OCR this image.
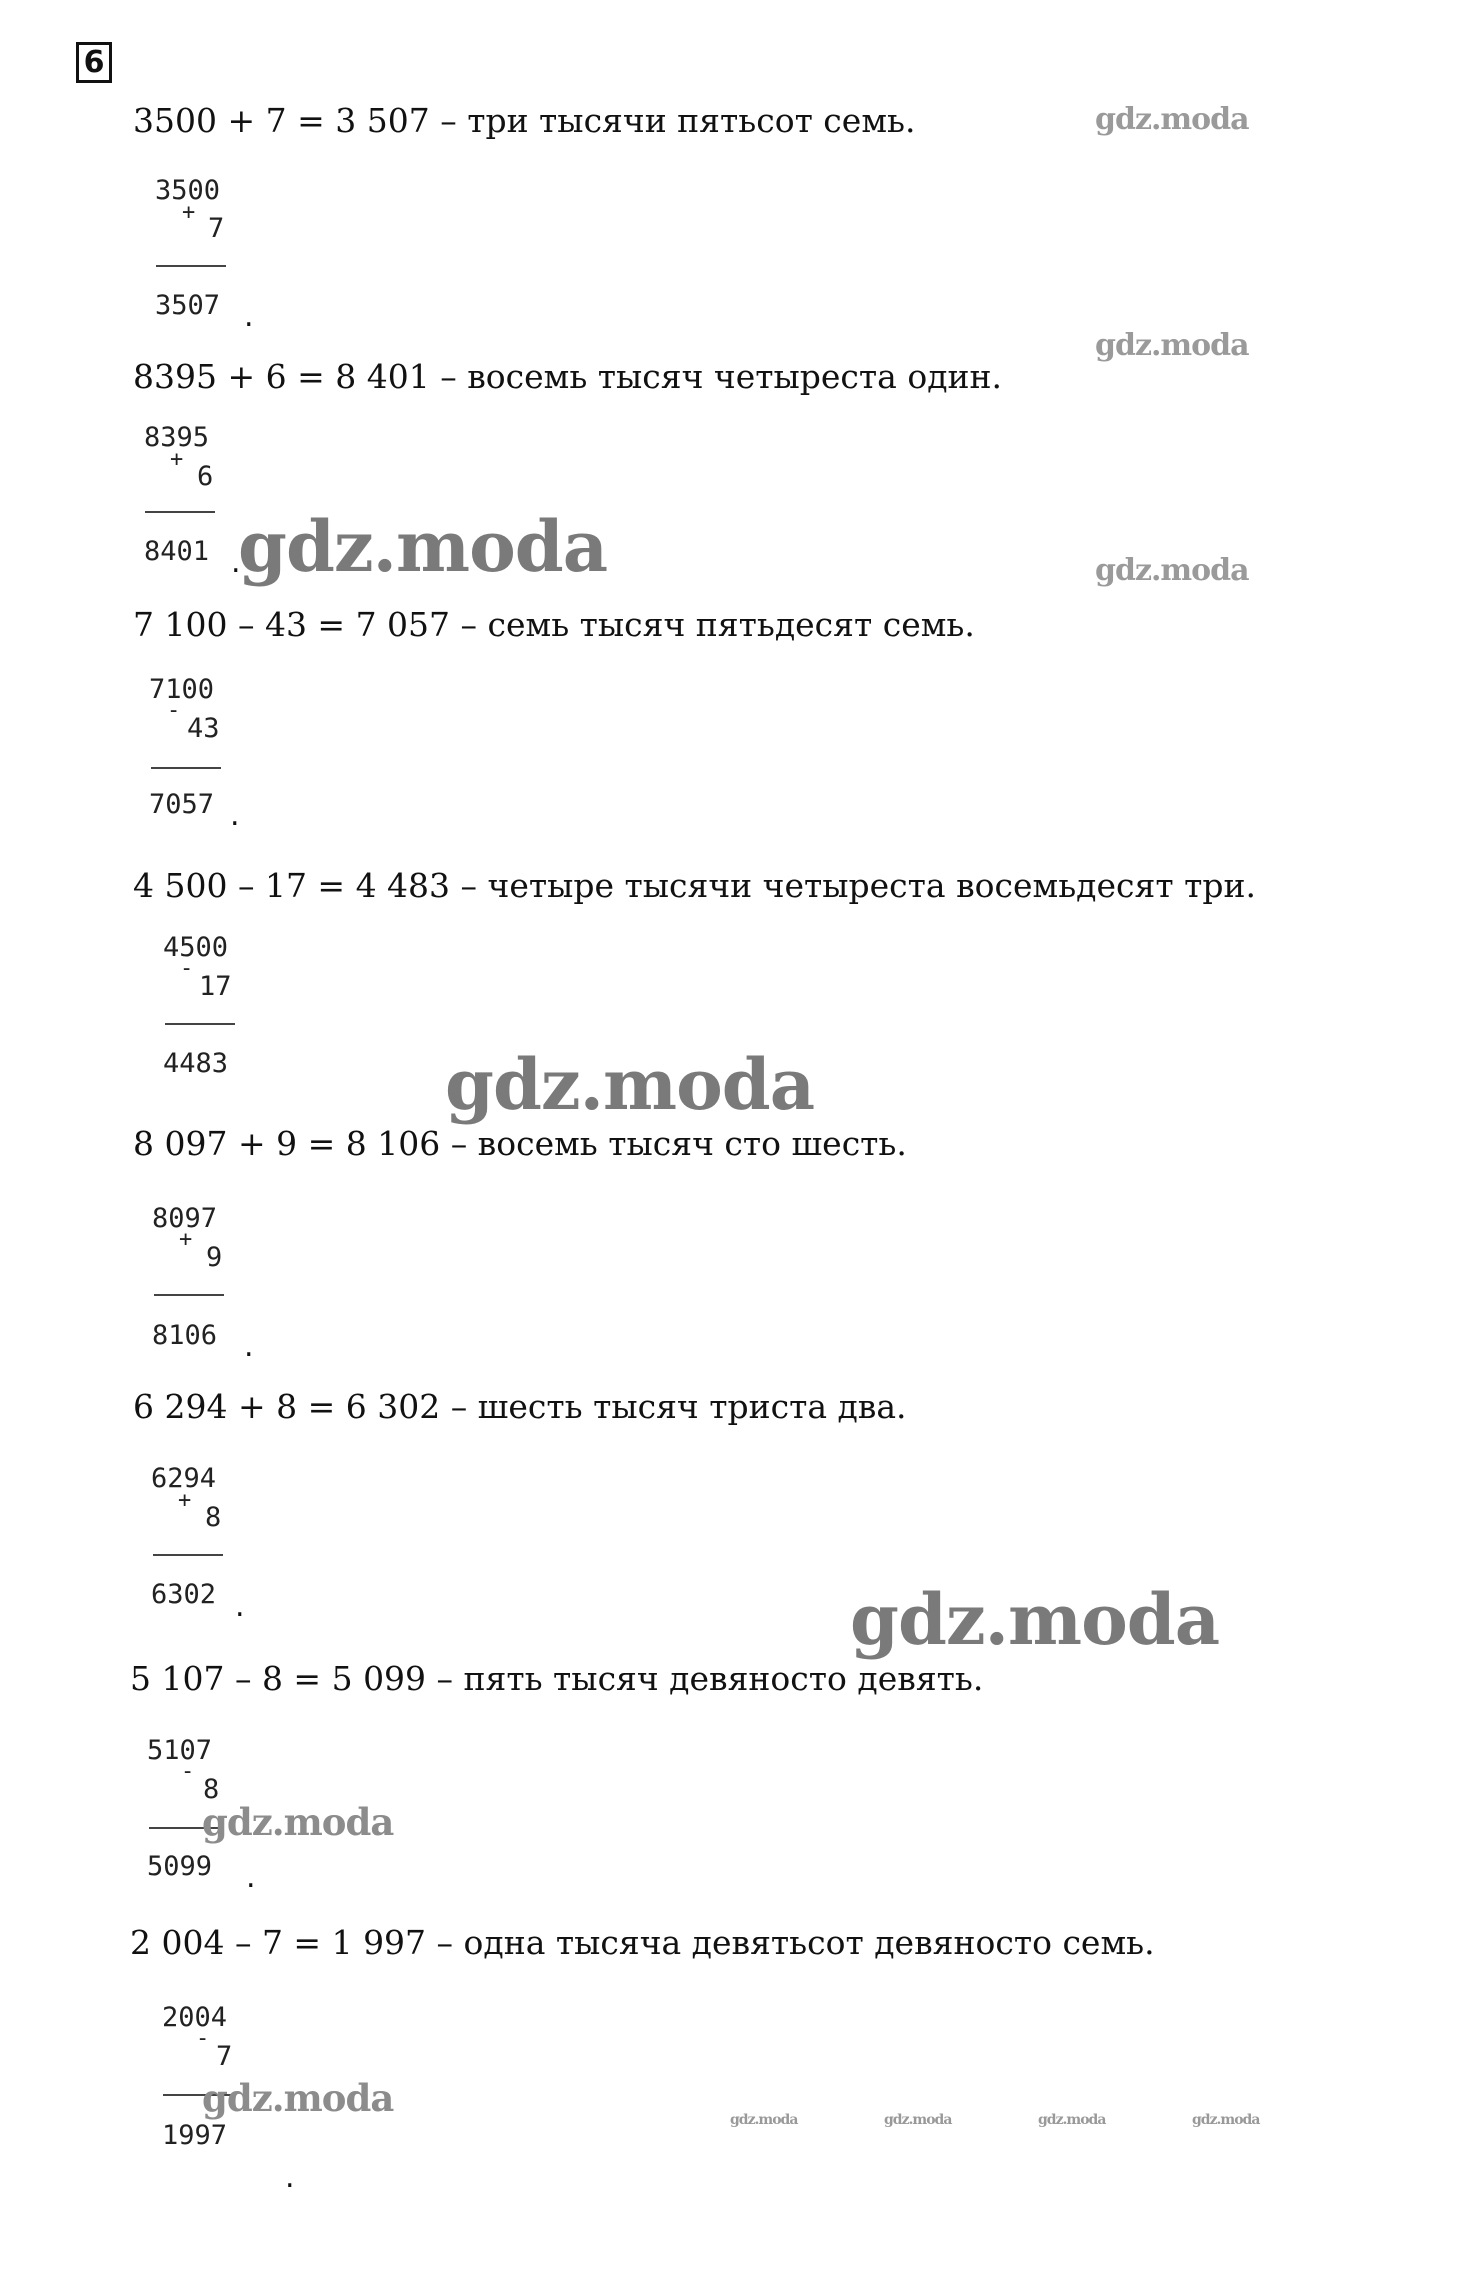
6
3500 + 7 = 3 507 – три тысячи пятьсот семь.
3500
+
7
3507 .
8395 + 6 = 8 401 – восемь тысяч четыреста один.
8395
+
6
8401 .
7 100 – 43 = 7 057 – семь тысяч пятьдесят семь.
7100
-
43
7057 .
4 500 – 17 = 4 483 – четыре тысячи четыреста восемьдесят три.
4500
-
17
4483
8 097 + 9 = 8 106 – восемь тысяч сто шесть.
8097
+
9
8106 .
6 294 + 8 = 6 302 – шесть тысяч триста два.
6294
+
8
6302 .
5 107 – 8 = 5 099 – пять тысяч девяносто девять.
5107
-
8
5099 .
2 004 – 7 = 1 997 – одна тысяча девятьсот девяносто семь.
2004
-
7
1997
.
gdz.moda
gdz.moda
gdz.moda
gdz.moda
gdz.moda
gdz.moda
gdz.moda
gdz.moda	gdz.moda	gdz.moda	gdz.moda	gdz.moda
